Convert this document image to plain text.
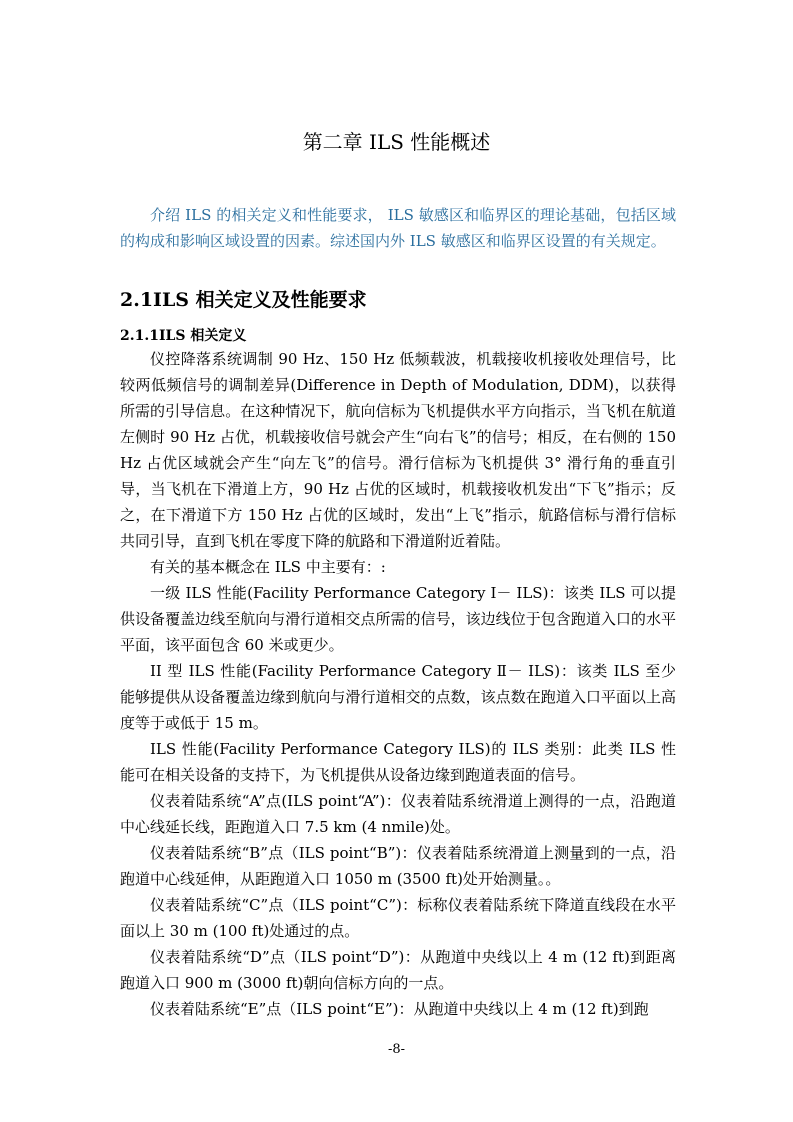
第二章 ILS 性能概述

介绍 ILS 的相关定义和性能要求， ILS 敏感区和临界区的理论基础，包括区域的构成和影响区域设置的因素。综述国内外 ILS 敏感区和临界区设置的有关规定。

2.1ILS 相关定义及性能要求
2.1.1ILS 相关定义

仪控降落系统调制 90 Hz、150 Hz 低频载波，机载接收机接收处理信号，比较两低频信号的调制差异(Difference in Depth of Modulation, DDM)，以获得所需的引导信息。在这种情况下，航向信标为飞机提供水平方向指示，当飞机在航道左侧时 90 Hz 占优，机载接收信号就会产生“向右飞”的信号；相反，在右侧的 150 Hz 占优区域就会产生“向左飞”的信号。滑行信标为飞机提供 3° 滑行角的垂直引导，当飞机在下滑道上方，90 Hz 占优的区域时，机载接收机发出“下飞”指示；反之，在下滑道下方 150 Hz 占优的区域时，发出“上飞”指示，航路信标与滑行信标共同引导，直到飞机在零度下降的航路和下滑道附近着陆。

有关的基本概念在 ILS 中主要有：:

一级 ILS 性能(Facility Performance Category I－ ILS)：该类 ILS 可以提供设备覆盖边线至航向与滑行道相交点所需的信号，该边线位于包含跑道入口的水平平面，该平面包含 60 米或更少。

II 型 ILS 性能(Facility Performance Category Ⅱ－ ILS)：该类 ILS 至少能够提供从设备覆盖边缘到航向与滑行道相交的点数，该点数在跑道入口平面以上高度等于或低于 15 m。

ILS 性能(Facility Performance Category ILS)的 ILS 类别：此类 ILS 性能可在相关设备的支持下，为飞机提供从设备边缘到跑道表面的信号。

仪表着陆系统“A”点(ILS point“A”)：仪表着陆系统滑道上测得的一点，沿跑道中心线延长线，距跑道入口 7.5 km (4 nmile)处。

仪表着陆系统“B”点（ILS point“B”)：仪表着陆系统滑道上测量到的一点，沿跑道中心线延伸，从距跑道入口 1050 m (3500 ft)处开始测量。。

仪表着陆系统“C”点（ILS point“C”)：标称仪表着陆系统下降道直线段在水平面以上 30 m (100 ft)处通过的点。

仪表着陆系统“D”点（ILS point“D”)：从跑道中央线以上 4 m (12 ft)到距离跑道入口 900 m (3000 ft)朝向信标方向的一点。

仪表着陆系统“E”点（ILS point“E”)：从跑道中央线以上 4 m (12 ft)到跑

-8-
